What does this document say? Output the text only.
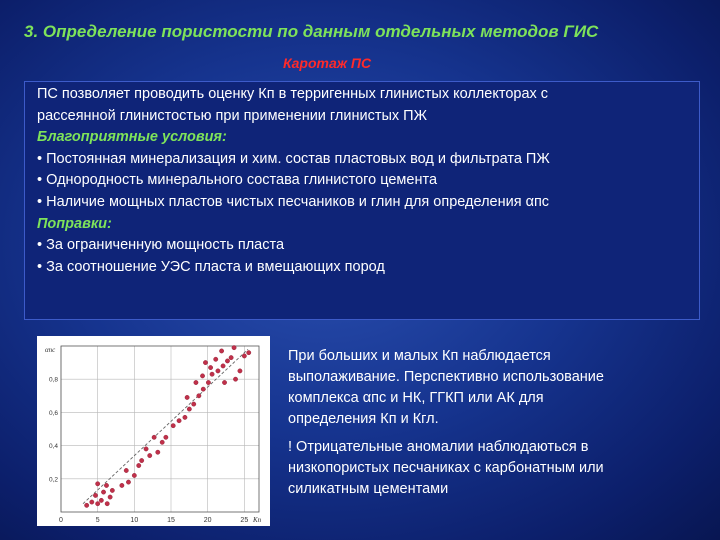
3. Определение пористости по данным отдельных методов ГИС
Каротаж ПС
ПС позволяет проводить оценку Кп в терригенных глинистых коллекторах с
рассеянной глинистостью при применении глинистых ПЖ
Благоприятные условия:
• Постоянная минерализация и хим. состав пластовых вод и фильтрата ПЖ
• Однородность минерального состава глинистого цемента
• Наличие мощных пластов чистых песчаников и глин для определения αпс
Поправки:
• За ограниченную мощность пласта
• За соотношение УЭС пласта и вмещающих пород
0	5	10	15	20	25
0,2
0,4
0,6
0,8
αпс
Кп
При больших и малых Кп наблюдается
выполаживание. Перспективно использование
комплекса αпс и НК, ГГКП или АК для
определения Кп и Кгл.
! Отрицательные аномалии наблюдаються в
низкопористых песчаниках с карбонатным или
силикатным цементами
